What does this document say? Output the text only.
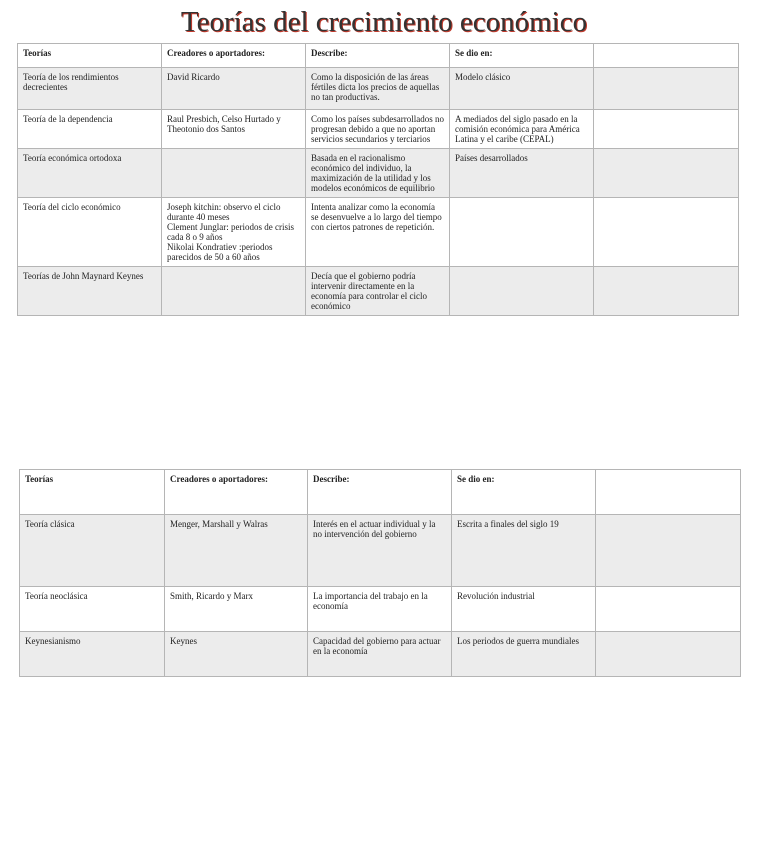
Teorías del crecimiento económico
Teorías	Creadores o aportadores:	Describe:	Se dio en:	
Teoría de los rendimientos decrecientes	David Ricardo	Como la disposición de las áreas fértiles dicta los precios de aquellas no tan productivas.	Modelo clásico	
Teoría de la dependencia	Raul Presbich, Celso Hurtado y Theotonio dos Santos	Como los países subdesarrollados no progresan debido a que no aportan servicios secundarios y terciarios	A mediados del siglo pasado en la comisión económica para América Latina y el caribe (CEPAL)	
Teoría económica ortodoxa		Basada en el racionalismo económico del individuo, la maximización de la utilidad y los modelos económicos de equilibrio	Países desarrollados	
Teoría del ciclo económico	Joseph kitchin: observo el ciclo durante 40 meses
Clement Junglar: periodos de crisis cada 8 o 9 años
Nikolai Kondratiev :periodos parecidos de 50 a 60 años	Intenta analizar como la economía se desenvuelve a lo largo del tiempo con ciertos patrones de repetición.		
Teorías de John Maynard Keynes		Decía que el gobierno podría intervenir directamente en la economía para controlar el ciclo económico		
Teorías	Creadores o aportadores:	Describe:	Se dio en:	
Teoría clásica	Menger, Marshall y Walras	Interés en el actuar individual y la no intervención del gobierno	Escrita a finales del siglo 19	
Teoría neoclásica	Smith, Ricardo y Marx	La importancia del trabajo en la economía	Revolución industrial	
Keynesianismo	Keynes	Capacidad del gobierno para actuar en la economía	Los periodos de guerra mundiales	
